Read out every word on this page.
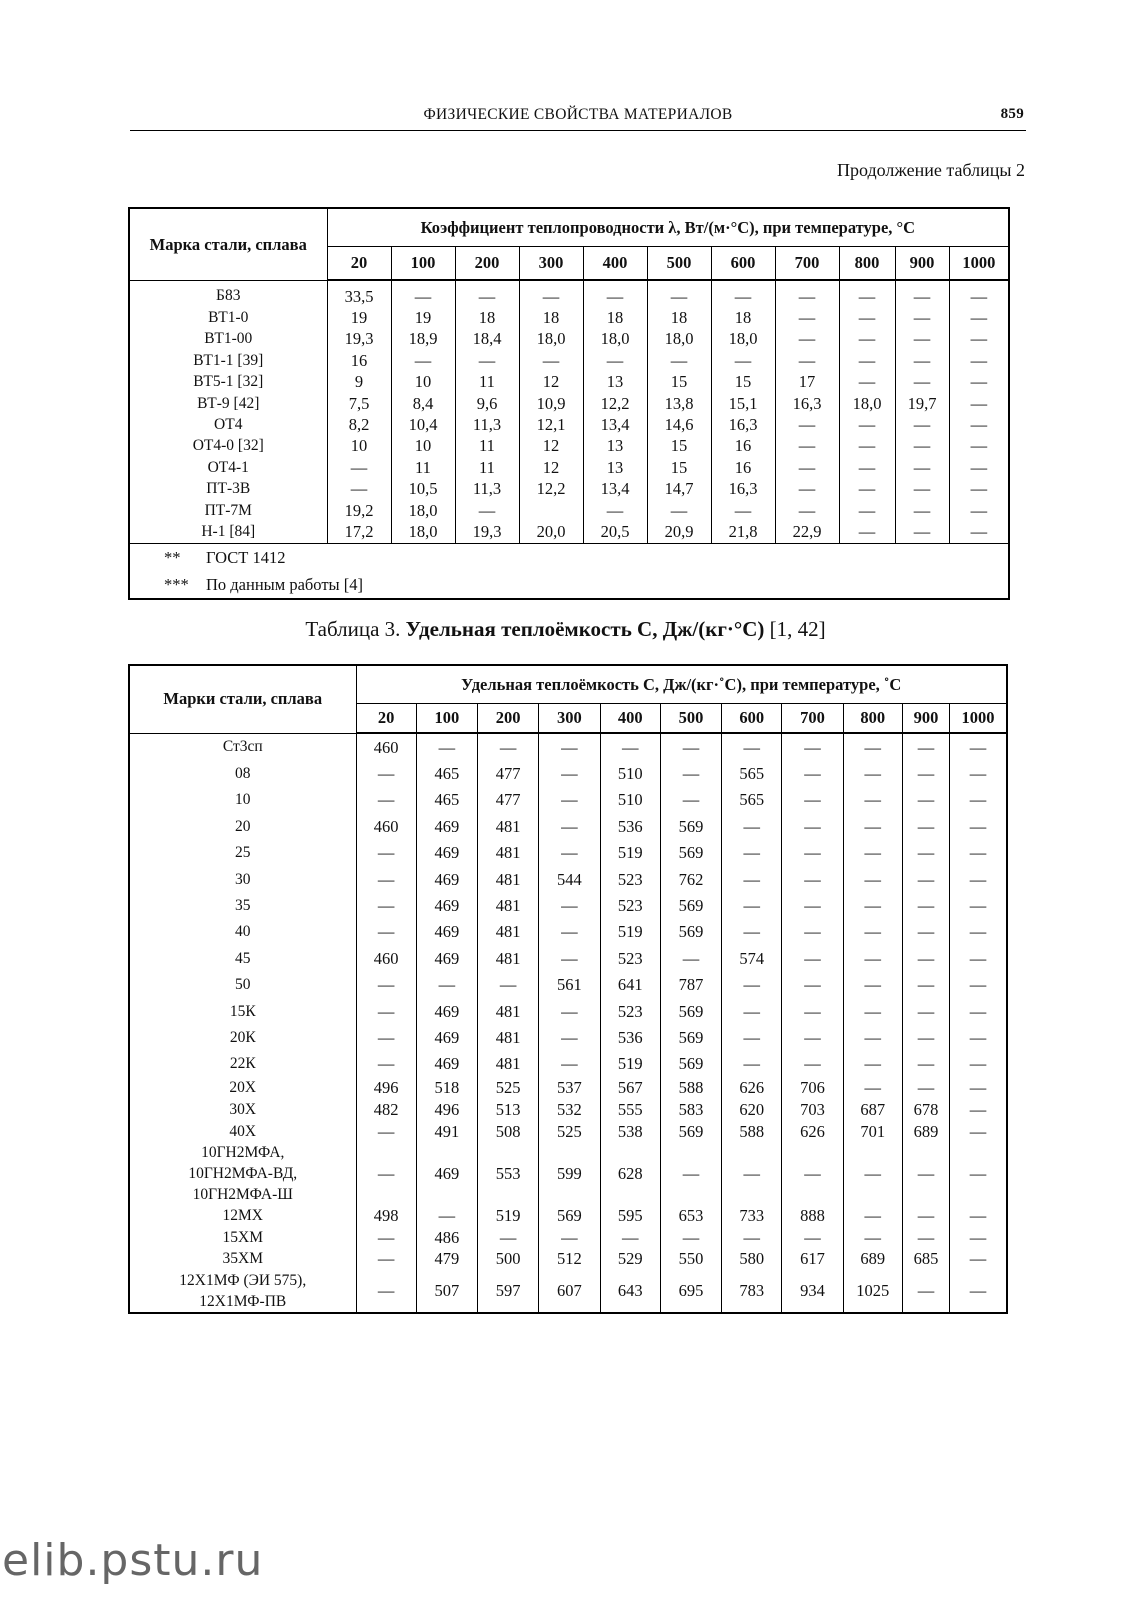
ФИЗИЧЕСКИЕ СВОЙСТВА МАТЕРИАЛОВ	859
Продолжение таблицы 2
Марка стали, сплава	Коэффициент теплопроводности λ, Вт/(м·°С), при температуре, °С										
	20	100	200	300	400	500	600	700	800	900	1000
Б83	33,5	—	—	—	—	—	—	—	—	—	—
ВТ1-0	19	19	18	18	18	18	18	—	—	—	—
ВТ1-00	19,3	18,9	18,4	18,0	18,0	18,0	18,0	—	—	—	—
ВТ1-1 [39]	16	—	—	—	—	—	—	—	—	—	—
ВТ5-1 [32]	9	10	11	12	13	15	15	17	—	—	—
ВТ-9 [42]	7,5	8,4	9,6	10,9	12,2	13,8	15,1	16,3	18,0	19,7	—
ОТ4	8,2	10,4	11,3	12,1	13,4	14,6	16,3	—	—	—	—
ОТ4-0 [32]	10	10	11	12	13	15	16	—	—	—	—
ОТ4-1	—	11	11	12	13	15	16	—	—	—	—
ПТ-3В	—	10,5	11,3	12,2	13,4	14,7	16,3	—	—	—	—
ПТ-7М	19,2	18,0	—		—	—	—	—	—	—	—
Н-1 [84]	17,2	18,0	19,3	20,0	20,5	20,9	21,8	22,9	—	—	—
** ГОСТ 1412											
*** По данным работы [4]											
Таблица 3. Удельная теплоёмкость С, Дж/(кг·°С) [1, 42]
Марки стали, сплава	Удельная теплоёмкость С, Дж/(кг·˚С), при температуре, ˚С										
	20	100	200	300	400	500	600	700	800	900	1000
Ст3сп	460	—	—	—	—	—	—	—	—	—	—
08	—	465	477	—	510	—	565	—	—	—	—
10	—	465	477	—	510	—	565	—	—	—	—
20	460	469	481	—	536	569	—	—	—	—	—
25	—	469	481	—	519	569	—	—	—	—	—
30	—	469	481	544	523	762	—	—	—	—	—
35	—	469	481	—	523	569	—	—	—	—	—
40	—	469	481	—	519	569	—	—	—	—	—
45	460	469	481	—	523	—	574	—	—	—	—
50	—	—	—	561	641	787	—	—	—	—	—
15К	—	469	481	—	523	569	—	—	—	—	—
20К	—	469	481	—	536	569	—	—	—	—	—
22К	—	469	481	—	519	569	—	—	—	—	—
20Х	496	518	525	537	567	588	626	706	—	—	—
30Х	482	496	513	532	555	583	620	703	687	678	—
40Х	—	491	508	525	538	569	588	626	701	689	—
10ГН2МФА,
10ГН2МФА-ВД,
10ГН2МФА-Ш	—	469	553	599	628	—	—	—	—	—	—
12МХ	498	—	519	569	595	653	733	888	—	—	—
15ХМ	—	486	—	—	—	—	—	—	—	—	—
35ХМ	—	479	500	512	529	550	580	617	689	685	—
12Х1МФ (ЭИ 575),
12Х1МФ-ПВ	—	507	597	607	643	695	783	934	1025	—	—
elib.pstu.ru
